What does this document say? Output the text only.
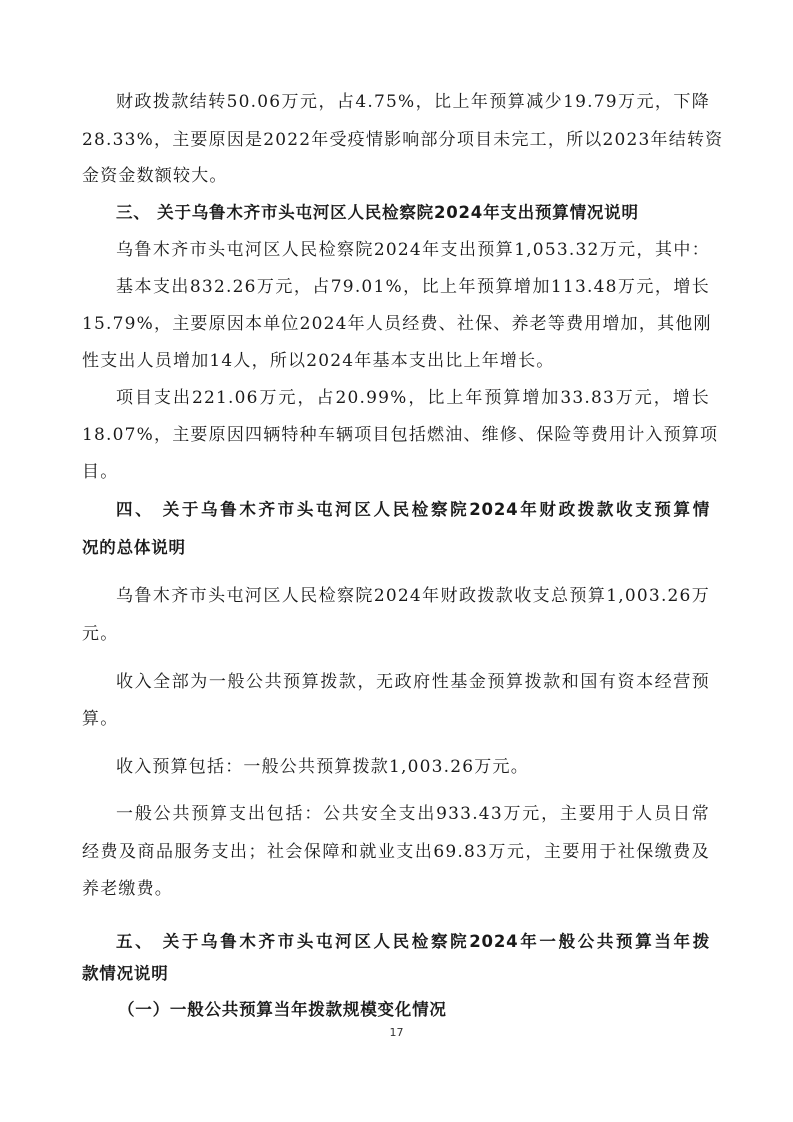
财政拨款结转50.06万元，占4.75%，比上年预算减少19.79万元，下降
28.33%，主要原因是2022年受疫情影响部分项目未完工，所以2023年结转资
金资金数额较大。
三、 关于乌鲁木齐市头屯河区人民检察院2024年支出预算情况说明
乌鲁木齐市头屯河区人民检察院2024年支出预算1,053.32万元，其中：
基本支出832.26万元，占79.01%，比上年预算增加113.48万元，增长
15.79%，主要原因本单位2024年人员经费、社保、养老等费用增加，其他刚
性支出人员增加14人，所以2024年基本支出比上年增长。
项目支出221.06万元，占20.99%，比上年预算增加33.83万元，增长
18.07%，主要原因四辆特种车辆项目包括燃油、维修、保险等费用计入预算项
目。
四、 关于乌鲁木齐市头屯河区人民检察院2024年财政拨款收支预算情
况的总体说明
乌鲁木齐市头屯河区人民检察院2024年财政拨款收支总预算1,003.26万
元。
收入全部为一般公共预算拨款，无政府性基金预算拨款和国有资本经营预
算。
收入预算包括：一般公共预算拨款1,003.26万元。
一般公共预算支出包括：公共安全支出933.43万元，主要用于人员日常
经费及商品服务支出；社会保障和就业支出69.83万元，主要用于社保缴费及
养老缴费。
五、 关于乌鲁木齐市头屯河区人民检察院2024年一般公共预算当年拨
款情况说明
（一）一般公共预算当年拨款规模变化情况
17
